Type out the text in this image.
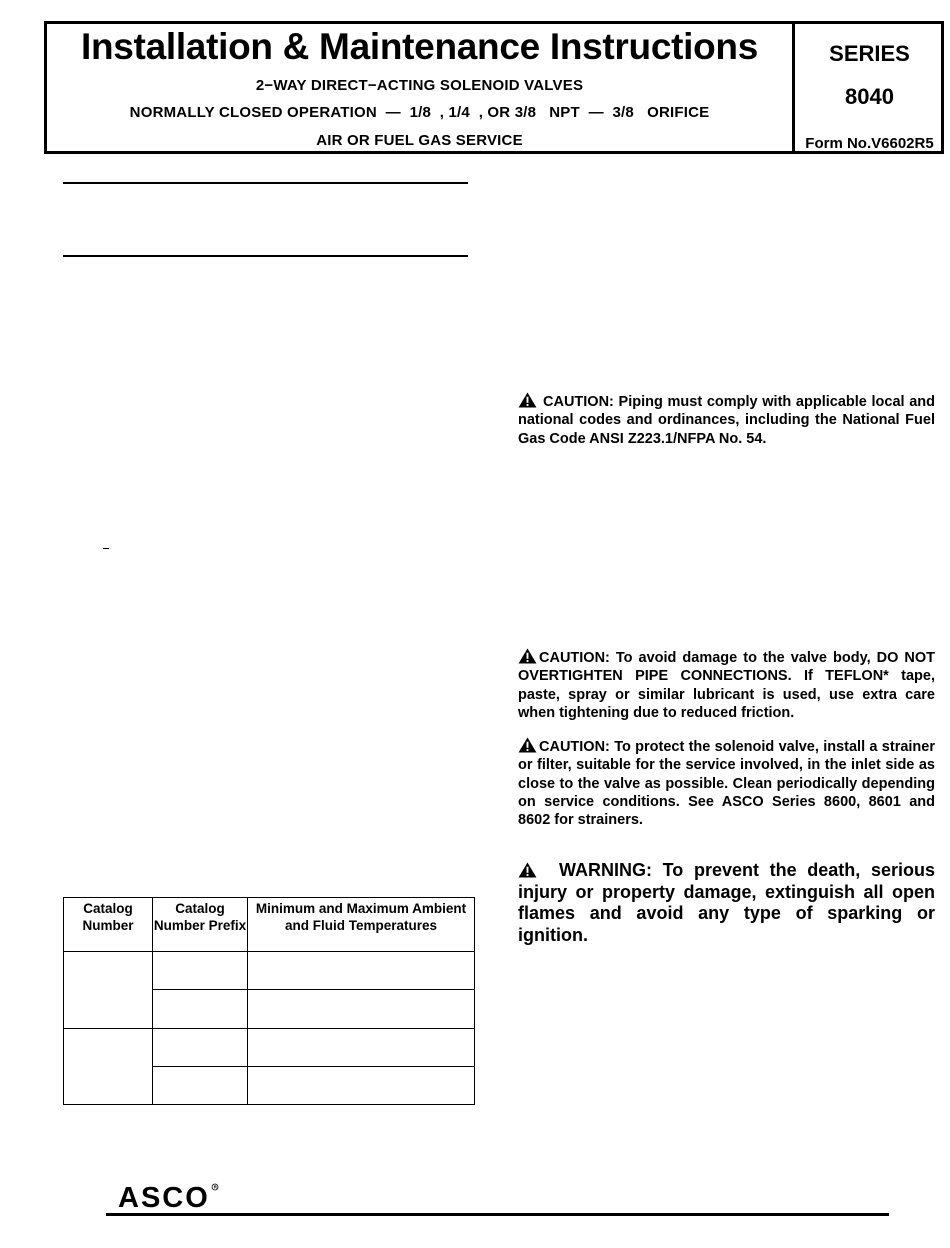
Installation & Maintenance Instructions
2−WAY DIRECT−ACTING SOLENOID VALVES
NORMALLY CLOSED OPERATION  —  1/8  , 1/4  , OR 3/8   NPT  —  3/8   ORIFICE
AIR OR FUEL GAS SERVICE
SERIES
8040
Form No.V6602R5
CAUTION: Piping must comply with applicable local and national codes and ordinances, including the National Fuel Gas Code ANSI Z223.1/NFPA No. 54.
CAUTION: To avoid damage to the valve body, DO NOT OVERTIGHTEN PIPE CONNECTIONS. If TEFLON* tape, paste, spray or similar lubricant is used, use extra care when tightening due to reduced friction.
CAUTION: To protect the solenoid valve, install a strainer or filter, suitable for the service involved, in the inlet side as close to the valve as possible. Clean periodically depending on service conditions. See ASCO Series 8600, 8601 and 8602 for strainers.
WARNING: To prevent the death, serious injury or property damage, extinguish all open flames and avoid any type of sparking or ignition.
Catalog Number	Catalog Number Prefix	Minimum and Maximum Ambient and Fluid Temperatures

ASCO R
